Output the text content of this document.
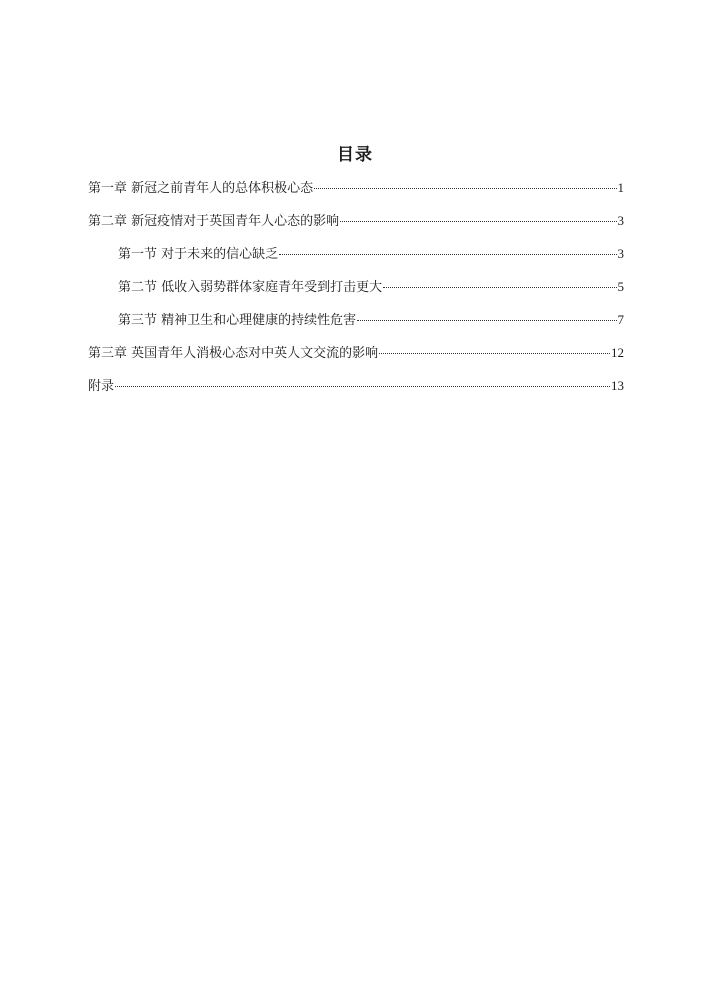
目录
第一章 新冠之前青年人的总体积极心态	1
第二章 新冠疫情对于英国青年人心态的影响	3
第一节 对于未来的信心缺乏	3
第二节 低收入弱势群体家庭青年受到打击更大	5
第三节 精神卫生和心理健康的持续性危害	7
第三章 英国青年人消极心态对中英人文交流的影响	12
附录	13
